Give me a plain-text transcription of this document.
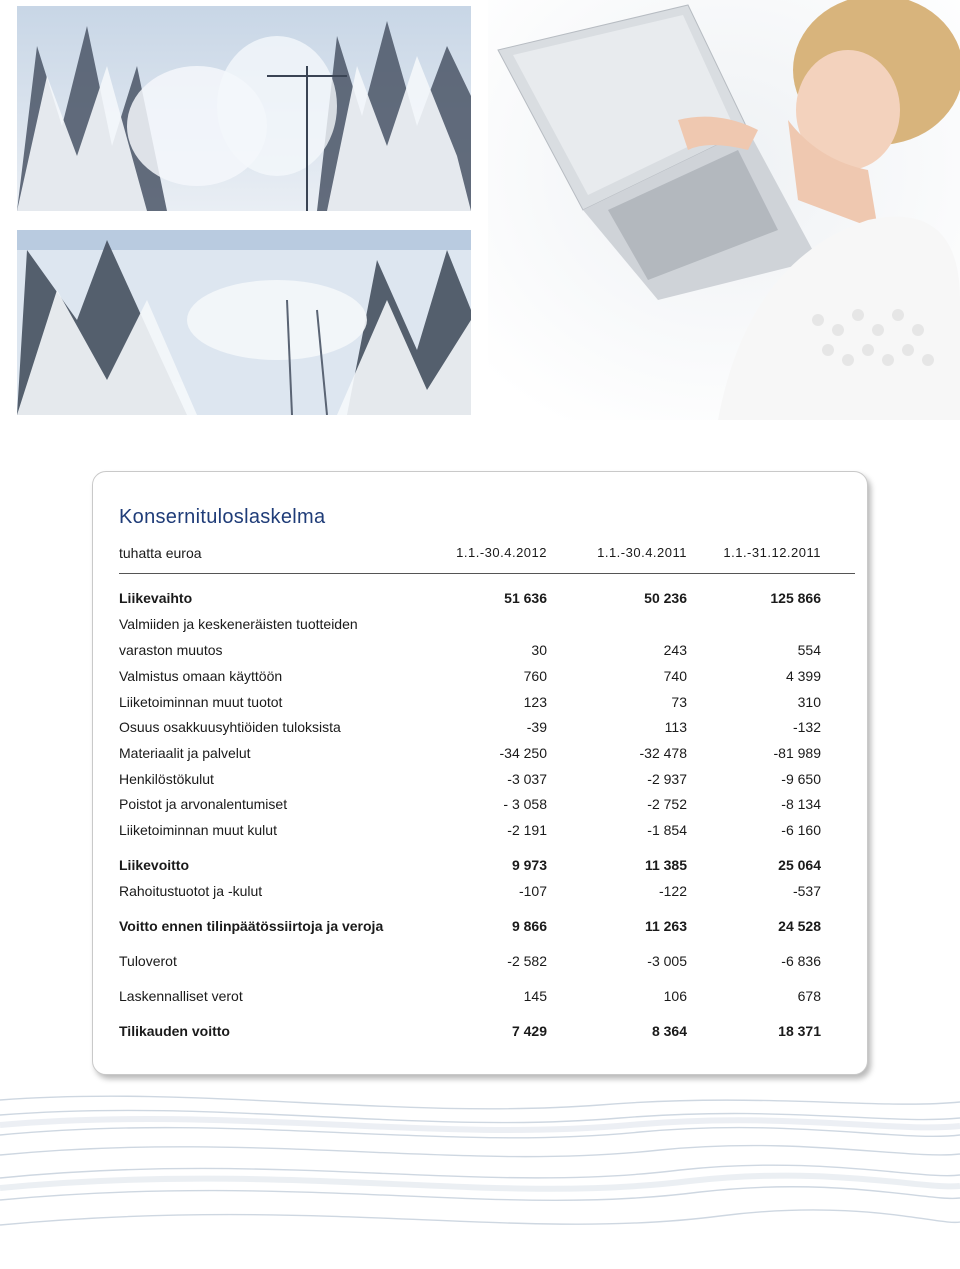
Konsernituloslaskelma
tuhatta euroa	1.1.-30.4.2012	1.1.-30.4.2011	1.1.-31.12.2011
Liikevaihto	51 636	50 236	125 866
Valmiiden ja keskeneräisten tuotteiden
varaston muutos	30	243	554
Valmistus omaan käyttöön	760	740	4 399
Liiketoiminnan muut tuotot	123	73	310
Osuus osakkuusyhtiöiden tuloksista	-39	113	-132
Materiaalit ja palvelut	-34 250	-32 478	-81 989
Henkilöstökulut	-3 037	-2 937	-9 650
Poistot ja arvonalentumiset	- 3 058	-2 752	-8 134
Liiketoiminnan muut kulut	-2 191	-1 854	-6 160
Liikevoitto	9 973	11 385	25 064
Rahoitustuotot ja -kulut	-107	-122	-537
Voitto ennen tilinpäätössiirtoja ja veroja	9 866	11 263	24 528
Tuloverot	-2 582	-3 005	-6 836
Laskennalliset verot	145	106	678
Tilikauden voitto	7 429	8 364	18 371
